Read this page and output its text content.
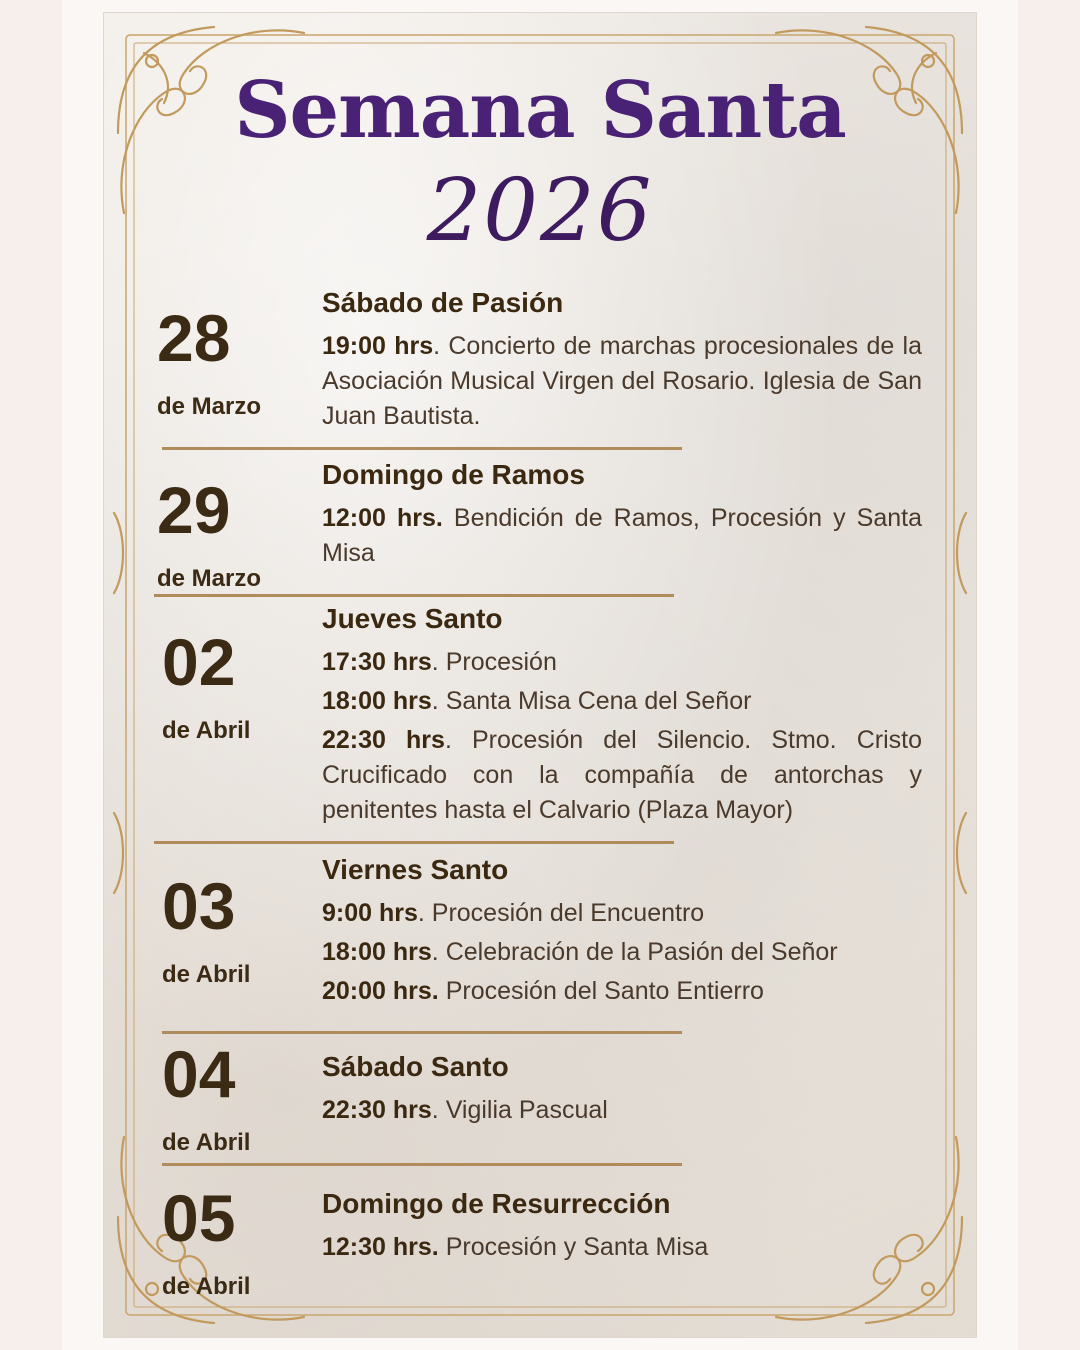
Semana Santa
2026
28
de Marzo
Sábado de Pasión

19:00 hrs. Concierto de marchas procesionales de la Asociación Musical Virgen del Rosario. Iglesia de San Juan Bautista.

29
de Marzo
Domingo de Ramos

12:00 hrs. Bendición de Ramos, Procesión y Santa Misa

02
de Abril
Jueves Santo

17:30 hrs. Procesión

18:00 hrs. Santa Misa Cena del Señor

22:30 hrs. Procesión del Silencio. Stmo. Cristo Crucificado con la compañía de antorchas y penitentes hasta el Calvario (Plaza Mayor)

03
de Abril
Viernes Santo

9:00 hrs. Procesión del Encuentro

18:00 hrs. Celebración de la Pasión del Señor

20:00 hrs. Procesión del Santo Entierro

04
de Abril
Sábado Santo

22:30 hrs. Vigilia Pascual

05
de Abril
Domingo de Resurrección

12:30 hrs. Procesión y Santa Misa
